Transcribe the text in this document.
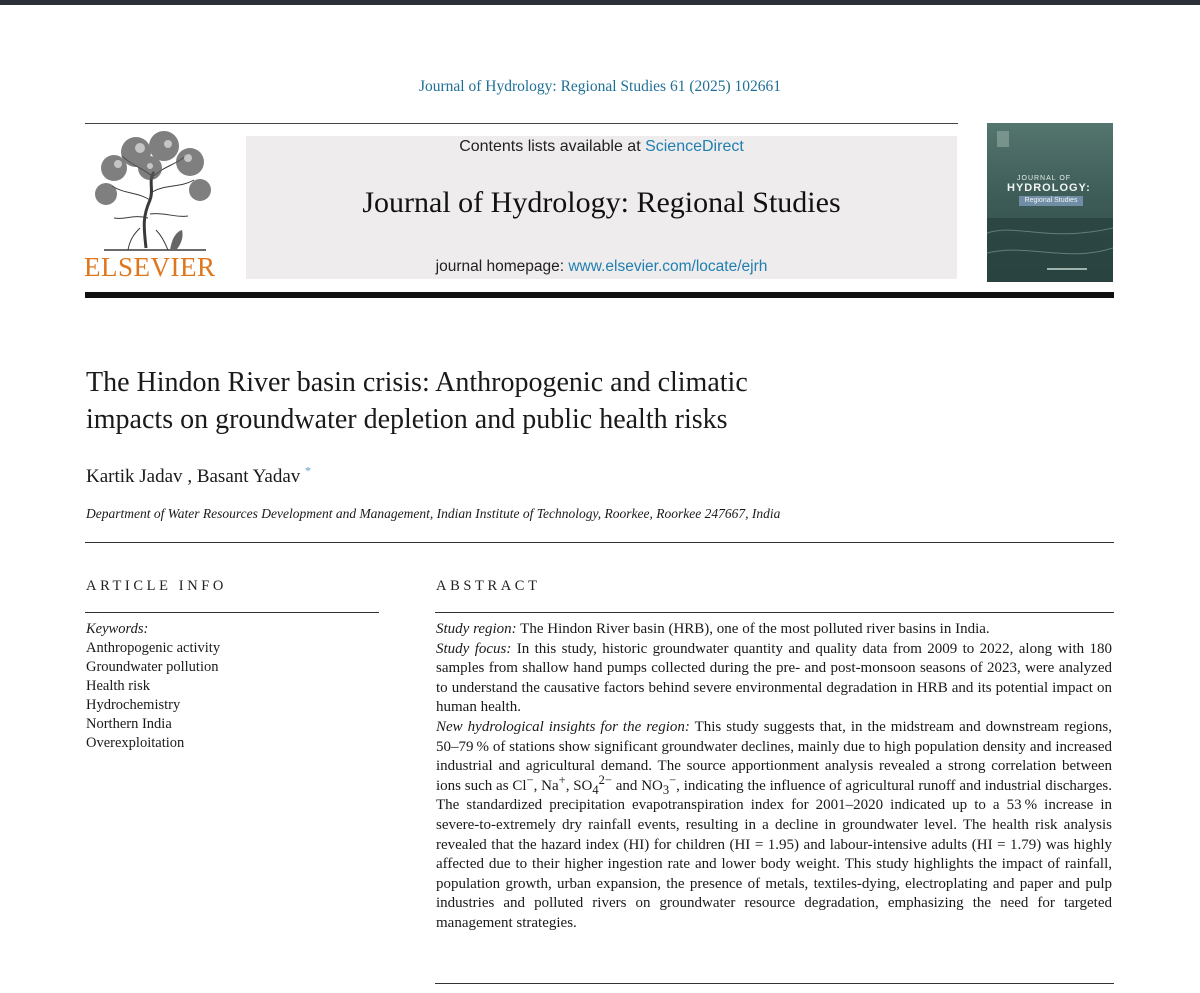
Journal of Hydrology: Regional Studies 61 (2025) 102661
ELSEVIER
Contents lists available at ScienceDirect
Journal of Hydrology: Regional Studies
journal homepage: www.elsevier.com/locate/ejrh
JOURNAL OF
HYDROLOGY:
Regional Studies
The Hindon River basin crisis: Anthropogenic and climatic
impacts on groundwater depletion and public health risks
Kartik Jadav , Basant Yadav *
Department of Water Resources Development and Management, Indian Institute of Technology, Roorkee, Roorkee 247667, India
ARTICLE INFO	ABSTRACT
Keywords:
Anthropogenic activity
Groundwater pollution
Health risk
Hydrochemistry
Northern India
Overexploitation

Study region: The Hindon River basin (HRB), one of the most polluted river basins in India.

Study focus: In this study, historic groundwater quantity and quality data from 2009 to 2022, along with 180 samples from shallow hand pumps collected during the pre- and post-monsoon seasons of 2023, were analyzed to understand the causative factors behind severe environmental degradation in HRB and its potential impact on human health.

New hydrological insights for the region: This study suggests that, in the midstream and downstream regions, 50–79 % of stations show significant groundwater declines, mainly due to high population density and increased industrial and agricultural demand. The source apportionment analysis revealed a strong correlation between ions such as Cl−, Na+, $SO_4^{2-}$ and $NO_3^-$, indicating the influence of agricultural runoff and industrial discharges. The standardized precipitation evapotranspiration index for 2001–2020 indicated up to a 53 % increase in severe-to-extremely dry rainfall events, resulting in a decline in groundwater level. The health risk analysis revealed that the hazard index (HI) for children (HI = 1.95) and labour-intensive adults (HI = 1.79) was highly affected due to their higher ingestion rate and lower body weight. This study highlights the impact of rainfall, population growth, urban expansion, the presence of metals, textiles-dying, electroplating and paper and pulp industries and polluted rivers on groundwater resource degradation, emphasizing the need for targeted management strategies.
